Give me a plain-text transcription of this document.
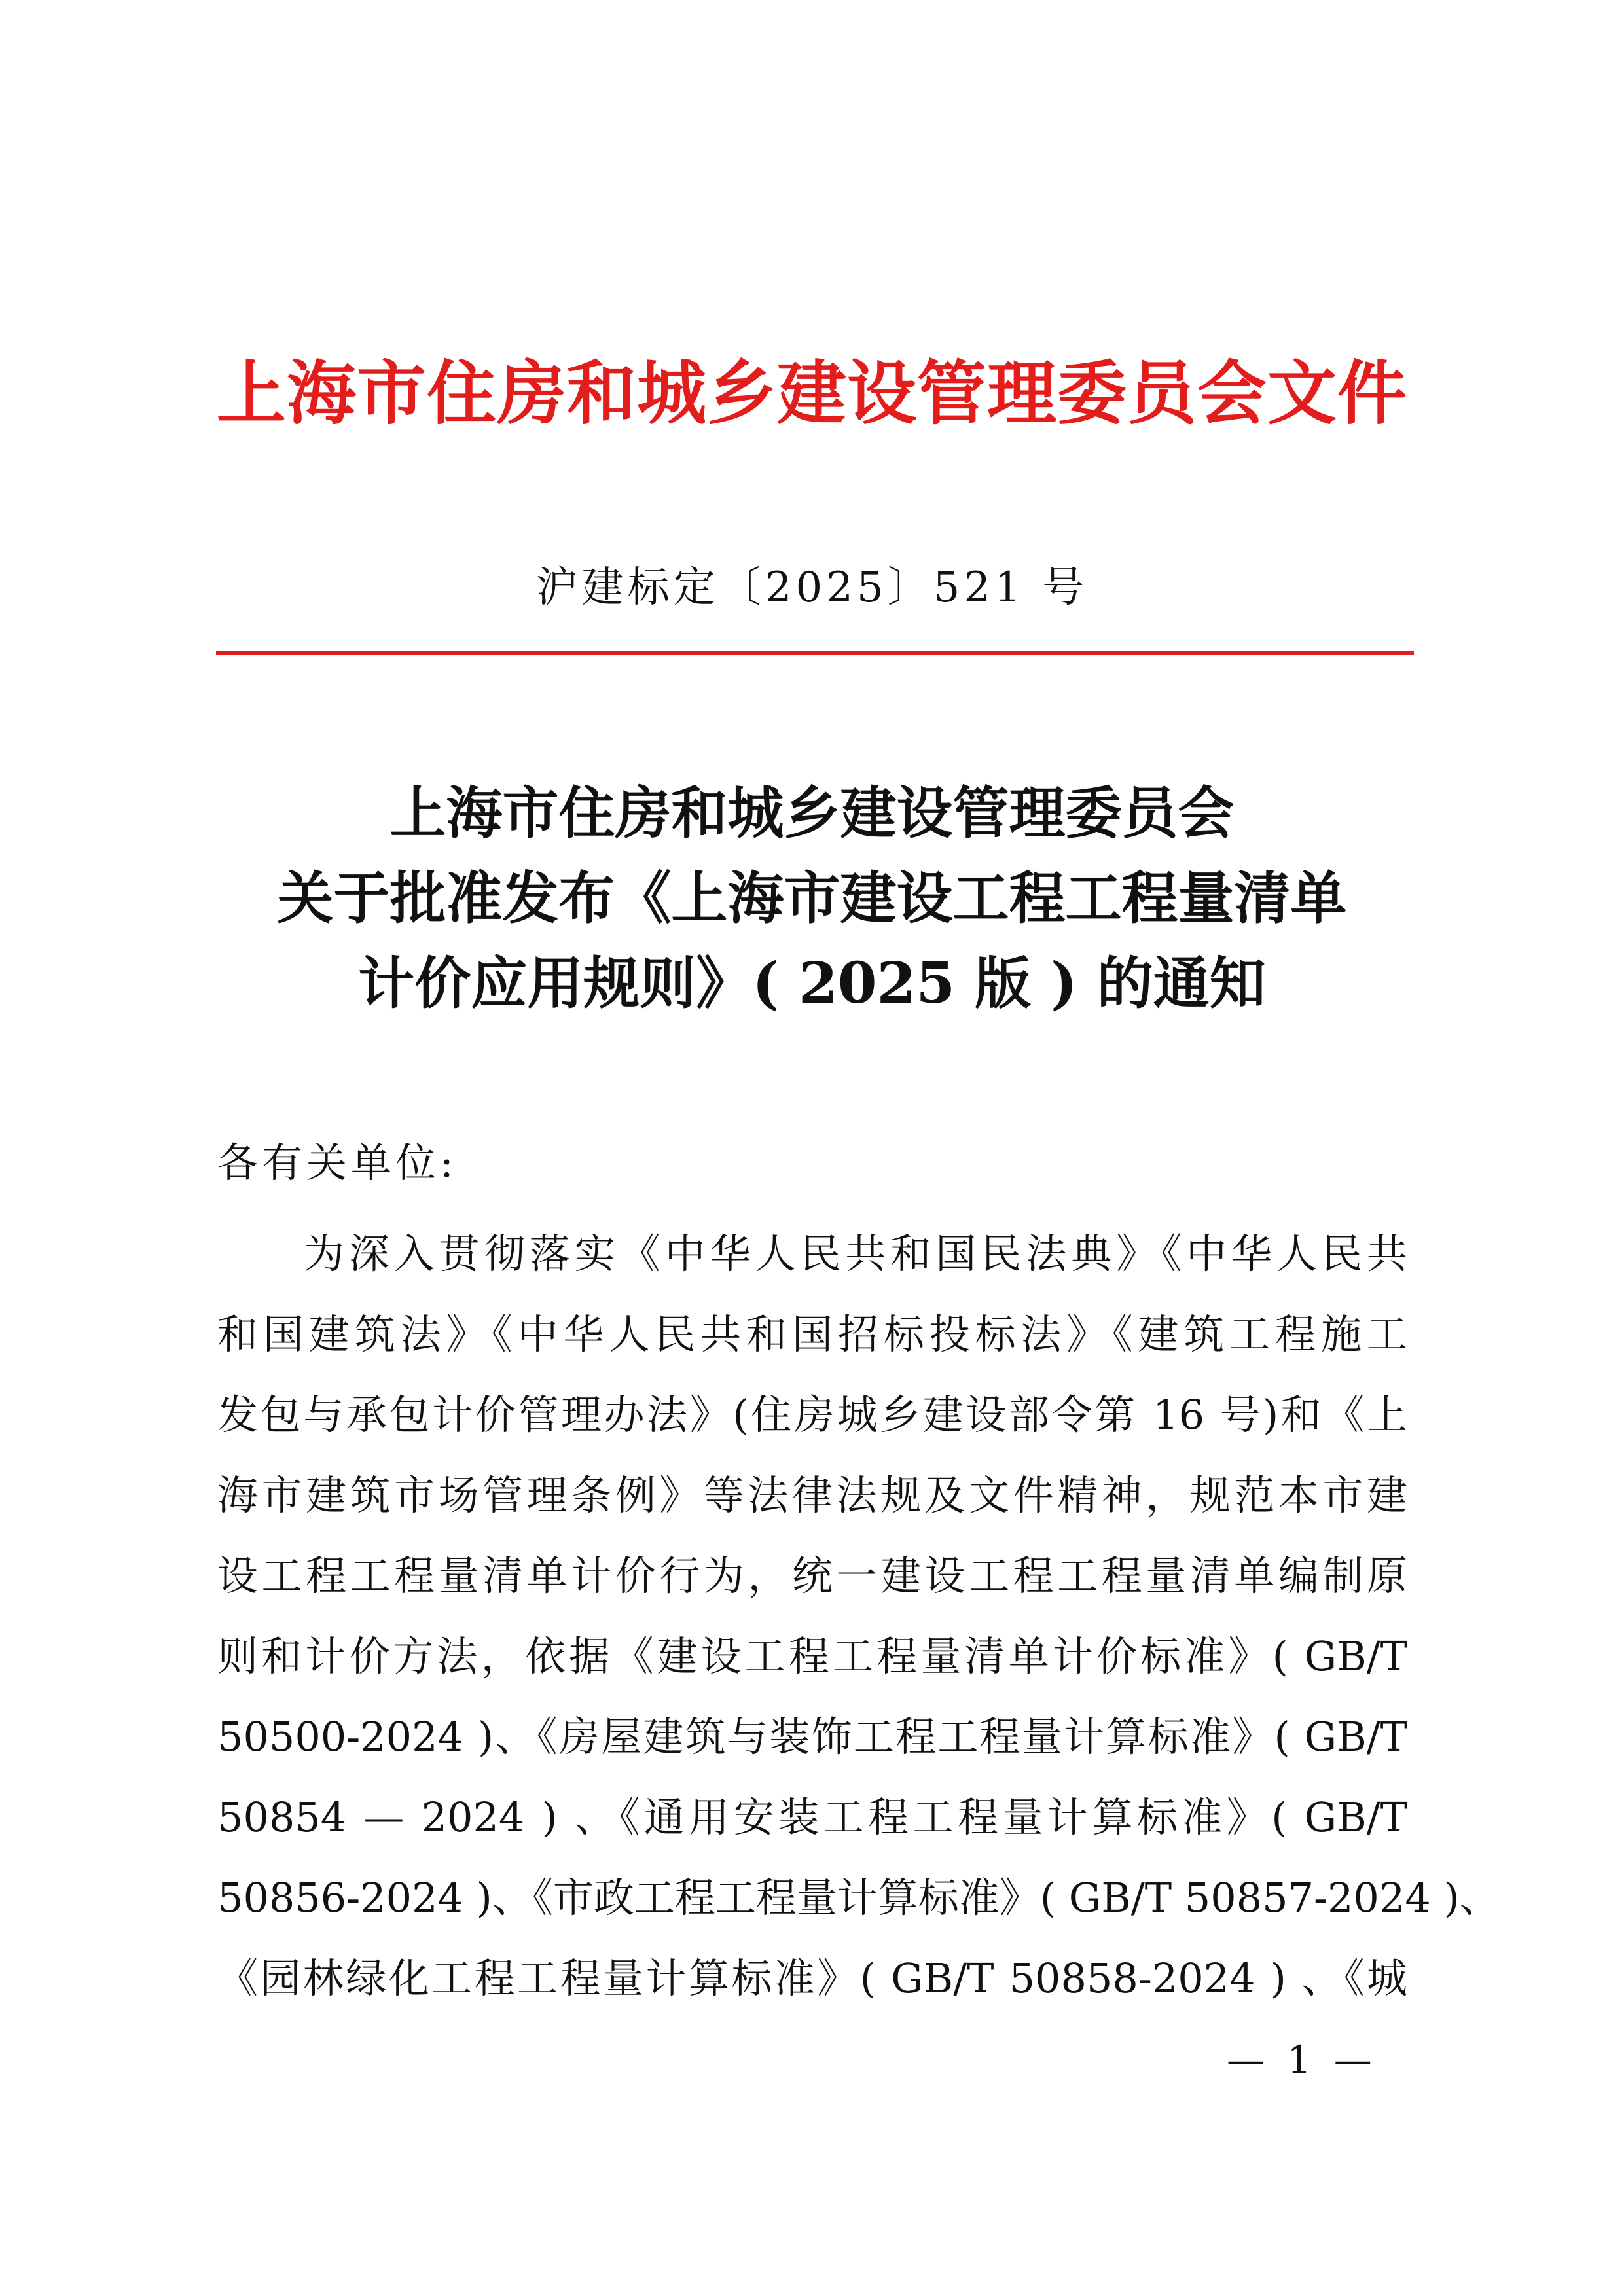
上海市住房和城乡建设管理委员会文件
沪建标定〔2025〕521 号
上海市住房和城乡建设管理委员会
关于批准发布《上海市建设工程工程量清单
计价应用规则》( 2025 版 ) 的通知
各有关单位:
为深入贯彻落实《中华人民共和国民法典》《中华人民共
和国建筑法》《中华人民共和国招标投标法》《建筑工程施工
发包与承包计价管理办法》(住房城乡建设部令第 16 号)和《上
海市建筑市场管理条例》等法律法规及文件精神，规范本市建
设工程工程量清单计价行为，统一建设工程工程量清单编制原
则和计价方法，依据《建设工程工程量清单计价标准》( GB/T
50500-2024 )、《房屋建筑与装饰工程工程量计算标准》( GB/T
50854 — 2024 ) 、《通用安装工程工程量计算标准》( GB/T
50856-2024 )、《市政工程工程量计算标准》( GB/T 50857-2024 )、
《园林绿化工程工程量计算标准》( GB/T 50858-2024 ) 、《城
— 1 —
